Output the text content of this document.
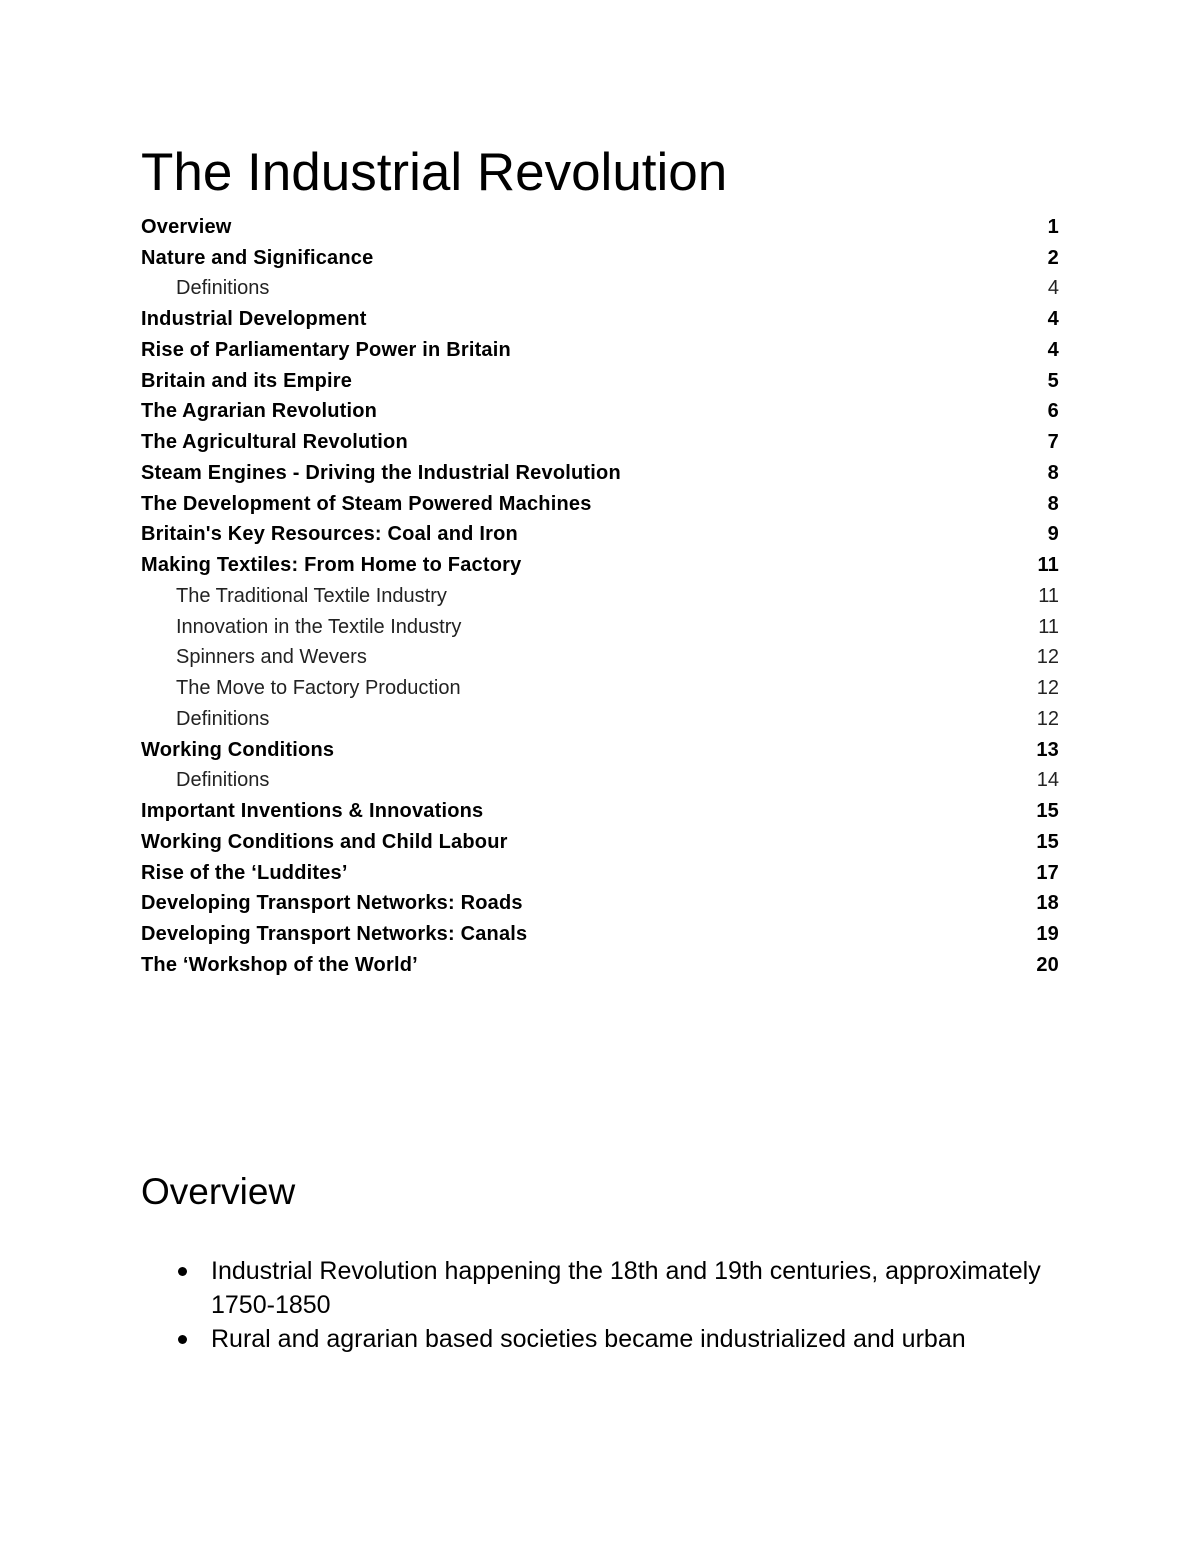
The Industrial Revolution
Overview	1
Nature and Significance	2
Definitions	4
Industrial Development	4
Rise of Parliamentary Power in Britain	4
Britain and its Empire	5
The Agrarian Revolution	6
The Agricultural Revolution	7
Steam Engines - Driving the Industrial Revolution	8
The Development of Steam Powered Machines	8
Britain's Key Resources: Coal and Iron	9
Making Textiles: From Home to Factory	11
The Traditional Textile Industry	11
Innovation in the Textile Industry	11
Spinners and Wevers	12
The Move to Factory Production	12
Definitions	12
Working Conditions	13
Definitions	14
Important Inventions & Innovations	15
Working Conditions and Child Labour	15
Rise of the ‘Luddites’	17
Developing Transport Networks: Roads	18
Developing Transport Networks: Canals	19
The ‘Workshop of the World’	20
Overview
Industrial Revolution happening the 18th and 19th centuries, approximately 1750-1850
Rural and agrarian based societies became industrialized and urban
